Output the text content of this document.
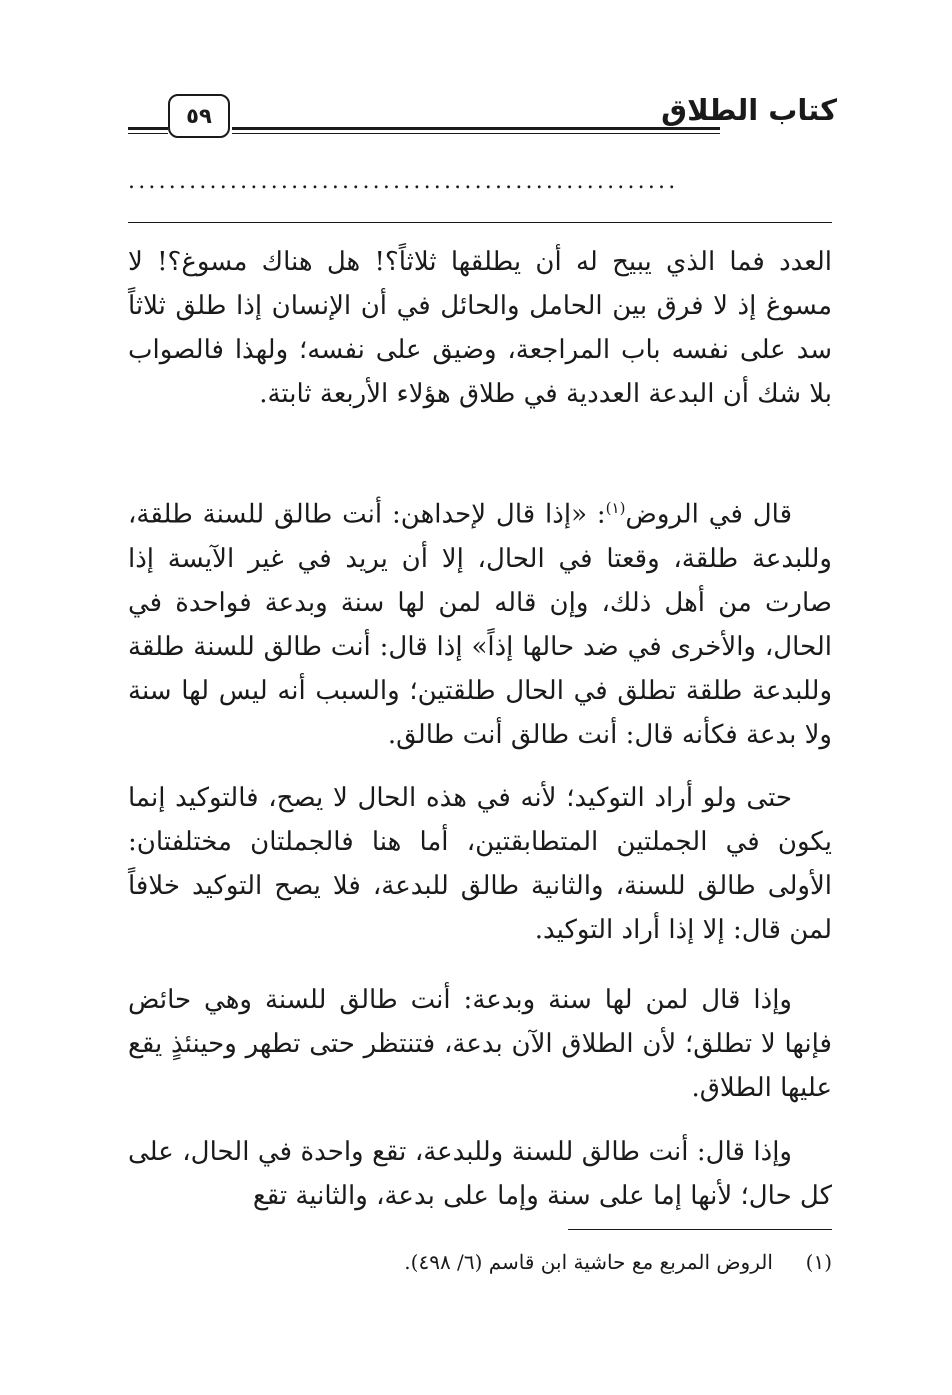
كتاب الطلاق
٥٩
......................................................

العدد فما الذي يبيح له أن يطلقها ثلاثاً؟! هل هناك مسوغ؟! لا مسوغ إذ لا فرق بين الحامل والحائل في أن الإنسان إذا طلق ثلاثاً سد على نفسه باب المراجعة، وضيق على نفسه؛ ولهذا فالصواب بلا شك أن البدعة العددية في طلاق هؤلاء الأربعة ثابتة.

قال في الروض$^{(١)}$: «إذا قال لإحداهن: أنت طالق للسنة طلقة، وللبدعة طلقة، وقعتا في الحال، إلا أن يريد في غير الآيسة إذا صارت من أهل ذلك، وإن قاله لمن لها سنة وبدعة فواحدة في الحال، والأخرى في ضد حالها إذاً» إذا قال: أنت طالق للسنة طلقة وللبدعة طلقة تطلق في الحال طلقتين؛ والسبب أنه ليس لها سنة ولا بدعة فكأنه قال: أنت طالق أنت طالق.

حتى ولو أراد التوكيد؛ لأنه في هذه الحال لا يصح، فالتوكيد إنما يكون في الجملتين المتطابقتين، أما هنا فالجملتان مختلفتان: الأولى طالق للسنة، والثانية طالق للبدعة، فلا يصح التوكيد خلافاً لمن قال: إلا إذا أراد التوكيد.

وإذا قال لمن لها سنة وبدعة: أنت طالق للسنة وهي حائض فإنها لا تطلق؛ لأن الطلاق الآن بدعة، فتنتظر حتى تطهر وحينئذٍ يقع عليها الطلاق.

وإذا قال: أنت طالق للسنة وللبدعة، تقع واحدة في الحال، على كل حال؛ لأنها إما على سنة وإما على بدعة، والثانية تقع

(١)  الروض المربع مع حاشية ابن قاسم (٦/ ٤٩٨).
